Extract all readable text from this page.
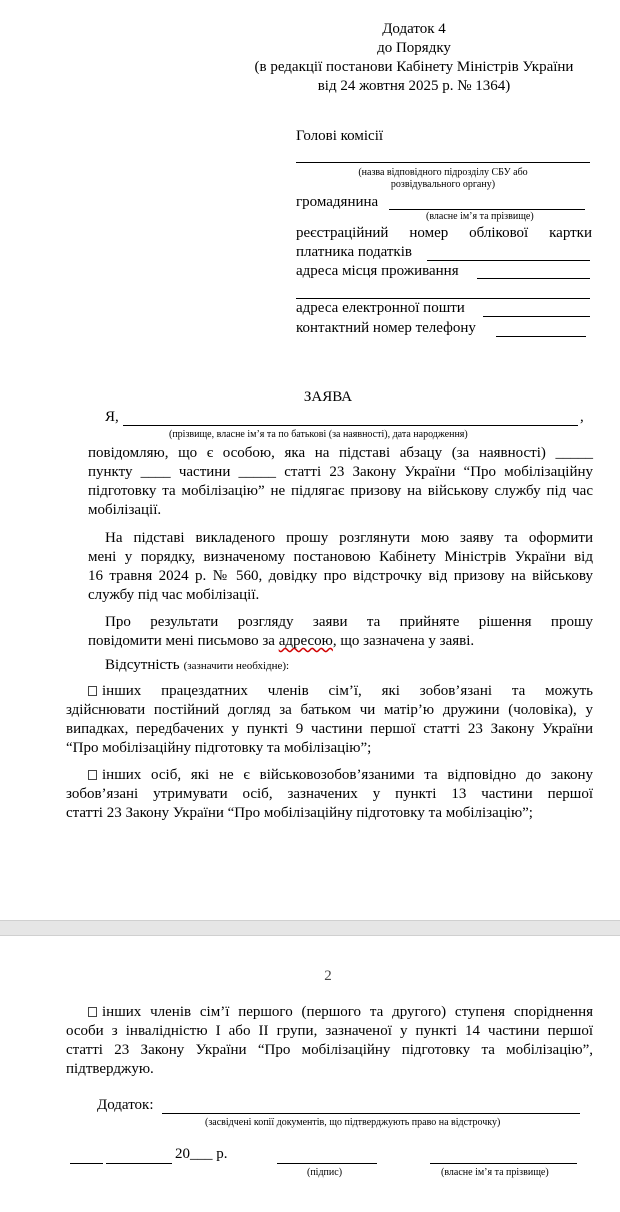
Додаток 4
до Порядку
(в редакції постанови Кабінету Міністрів України
від 24 жовтня 2025 р. № 1364)
Голові комісії
(назва відповідного підрозділу СБУ або
розвідувального органу)
громадянина
(власне ім’я та прізвище)
реєстраційний номер облікової картки
платника податків
адреса місця проживання
адреса електронної пошти
контактний номер телефону
ЗАЯВА
Я,	,
(прізвище, власне ім’я та по батькові (за наявності), дата народження)
повідомляю, що є особою, яка на підставі абзацу (за наявності) _____
пункту ____ частини _____ статті 23 Закону України “Про мобілізаційну
підготовку та мобілізацію” не підлягає призову на військову службу під час
мобілізації.
На підставі викладеного прошу розглянути мою заяву та оформити
мені у порядку, визначеному постановою Кабінету Міністрів України від
16 травня 2024 р. № 560, довідку про відстрочку від призову на військову
службу під час мобілізації.
Про результати розгляду заяви та прийняте рішення прошу
повідомити мені письмово за адресою, що зазначена у заяві.
Відсутність (зазначити необхідне):
інших працездатних членів сім’ї, які зобов’язані та можуть
здійснювати постійний догляд за батьком чи матір’ю дружини (чоловіка), у
випадках, передбачених у пункті 9 частини першої статті 23 Закону України
“Про мобілізаційну підготовку та мобілізацію”;
інших осіб, які не є військовозобов’язаними та відповідно до закону
зобов’язані утримувати осіб, зазначених у пункті 13 частини першої
статті 23 Закону України “Про мобілізаційну підготовку та мобілізацію”;
2
інших членів сім’ї першого (першого та другого) ступеня споріднення
особи з інвалідністю I або II групи, зазначеної у пункті 14 частини першої
статті 23 Закону України “Про мобілізаційну підготовку та мобілізацію”,
підтверджую.
Додаток:
(засвідчені копії документів, що підтверджують право на відстрочку)
20___ р.
(підпис)	(власне ім’я та прізвище)
